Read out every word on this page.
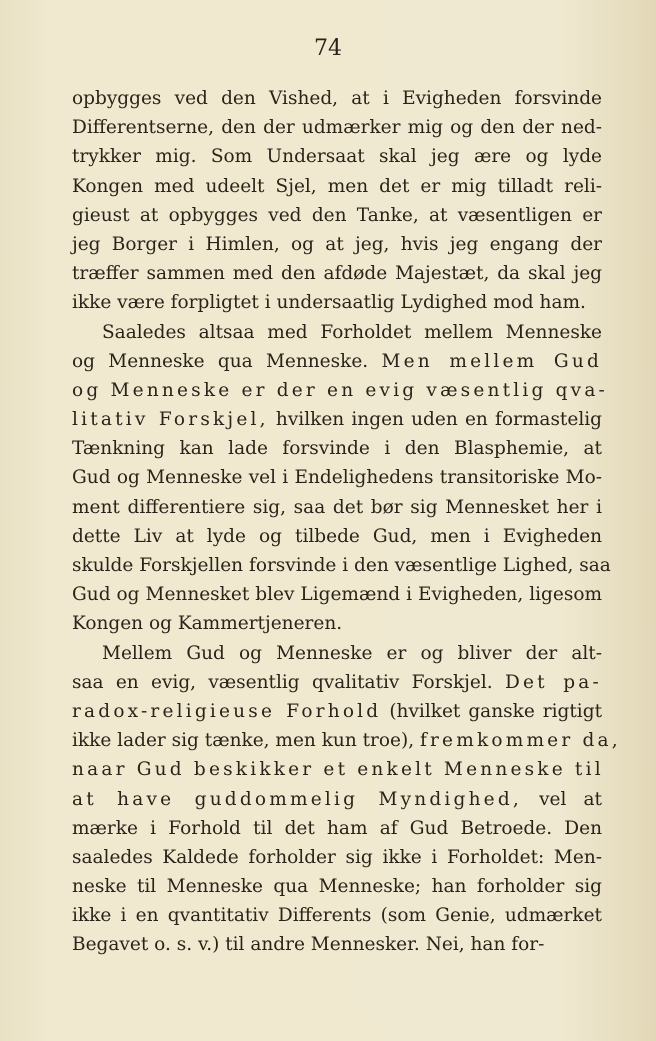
74
opbygges ved den Vished, at i Evigheden forsvinde
Differentserne, den der udmærker mig og den der ned-
trykker mig. Som Undersaat skal jeg ære og lyde
Kongen med udeelt Sjel, men det er mig tilladt reli-
gieust at opbygges ved den Tanke, at væsentligen er
jeg Borger i Himlen, og at jeg, hvis jeg engang der
træffer sammen med den afdøde Majestæt, da skal jeg
ikke være forpligtet i undersaatlig Lydighed mod ham.
Saaledes altsaa med Forholdet mellem Menneske
og Menneske qua Menneske. Men mellem Gud
og Menneske er der en evig væsentlig qva-
litativ Forskjel, hvilken ingen uden en formastelig
Tænkning kan lade forsvinde i den Blasphemie, at
Gud og Menneske vel i Endelighedens transitoriske Mo-
ment differentiere sig, saa det bør sig Mennesket her i
dette Liv at lyde og tilbede Gud, men i Evigheden
skulde Forskjellen forsvinde i den væsentlige Lighed, saa
Gud og Mennesket blev Ligemænd i Evigheden, ligesom
Kongen og Kammertjeneren.
Mellem Gud og Menneske er og bliver der alt-
saa en evig, væsentlig qvalitativ Forskjel. Det pa-
radox-religieuse Forhold (hvilket ganske rigtigt
ikke lader sig tænke, men kun troe), fremkommer da,
naar Gud beskikker et enkelt Menneske til
at have guddommelig Myndighed, vel at
mærke i Forhold til det ham af Gud Betroede. Den
saaledes Kaldede forholder sig ikke i Forholdet: Men-
neske til Menneske qua Menneske; han forholder sig
ikke i en qvantitativ Differents (som Genie, udmærket
Begavet o. s. v.) til andre Mennesker. Nei, han for-
